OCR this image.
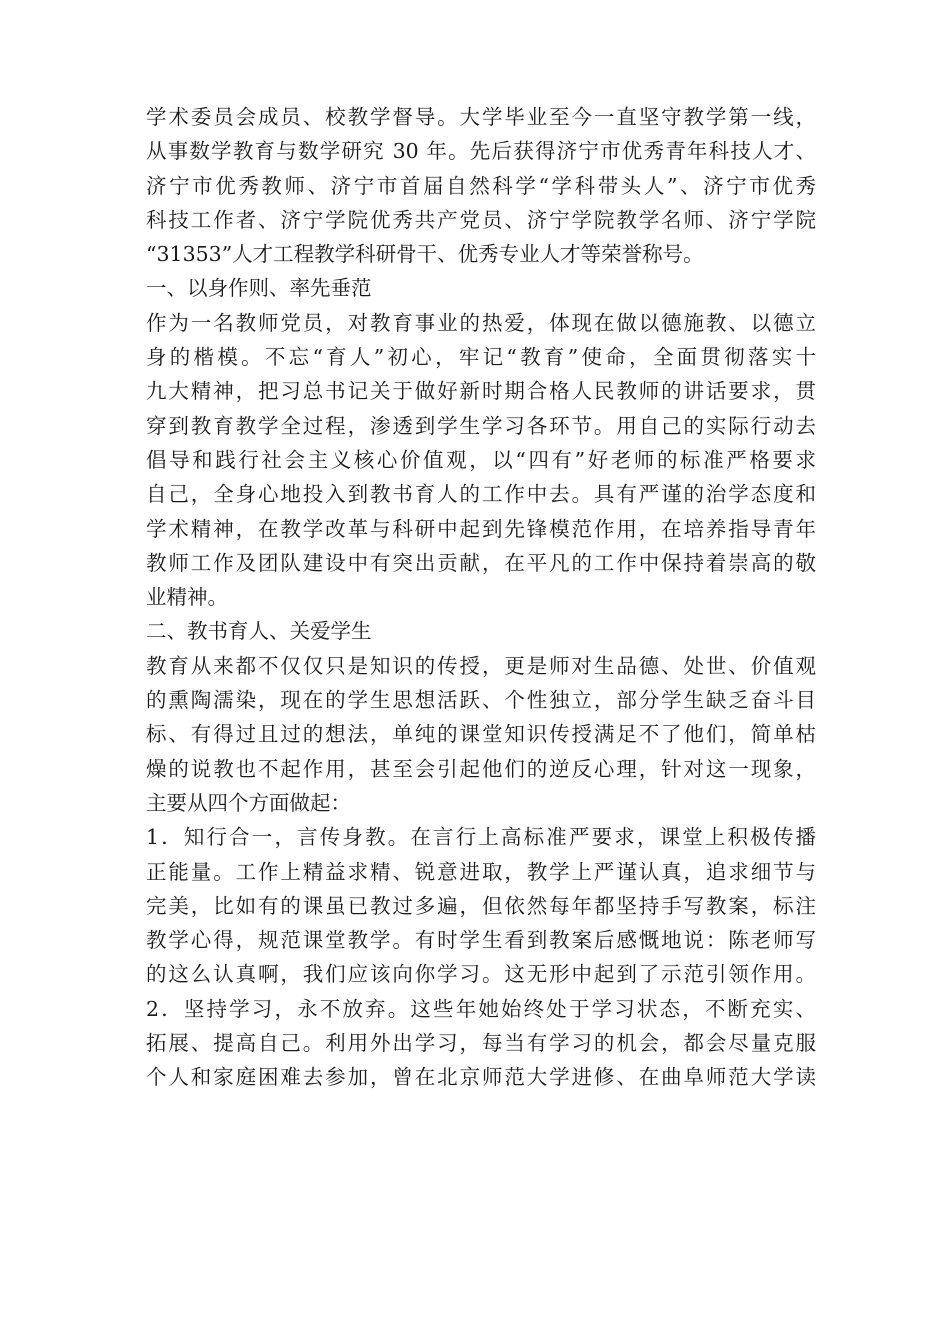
学术委员会成员、校教学督导。大学毕业至今一直坚守教学第一线，
从事数学教育与数学研究 30 年。先后获得济宁市优秀青年科技人才、
济宁市优秀教师、济宁市首届自然科学“学科带头人”、济宁市优秀
科技工作者、济宁学院优秀共产党员、济宁学院教学名师、济宁学院
“31353”人才工程教学科研骨干、优秀专业人才等荣誉称号。
一、以身作则、率先垂范
作为一名教师党员，对教育事业的热爱，体现在做以德施教、以德立
身的楷模。不忘“育人”初心，牢记“教育”使命，全面贯彻落实十
九大精神，把习总书记关于做好新时期合格人民教师的讲话要求，贯
穿到教育教学全过程，渗透到学生学习各环节。用自己的实际行动去
倡导和践行社会主义核心价值观，以“四有”好老师的标准严格要求
自己，全身心地投入到教书育人的工作中去。具有严谨的治学态度和
学术精神，在教学改革与科研中起到先锋模范作用，在培养指导青年
教师工作及团队建设中有突出贡献，在平凡的工作中保持着崇高的敬
业精神。
二、教书育人、关爱学生
教育从来都不仅仅只是知识的传授，更是师对生品德、处世、价值观
的熏陶濡染，现在的学生思想活跃、个性独立，部分学生缺乏奋斗目
标、有得过且过的想法，单纯的课堂知识传授满足不了他们，简单枯
燥的说教也不起作用，甚至会引起他们的逆反心理，针对这一现象，
主要从四个方面做起：
1．知行合一，言传身教。在言行上高标准严要求，课堂上积极传播
正能量。工作上精益求精、锐意进取，教学上严谨认真，追求细节与
完美，比如有的课虽已教过多遍，但依然每年都坚持手写教案，标注
教学心得，规范课堂教学。有时学生看到教案后感慨地说：陈老师写
的这么认真啊，我们应该向你学习。这无形中起到了示范引领作用。
2．坚持学习，永不放弃。这些年她始终处于学习状态，不断充实、
拓展、提高自己。利用外出学习，每当有学习的机会，都会尽量克服
个人和家庭困难去参加，曾在北京师范大学进修、在曲阜师范大学读
